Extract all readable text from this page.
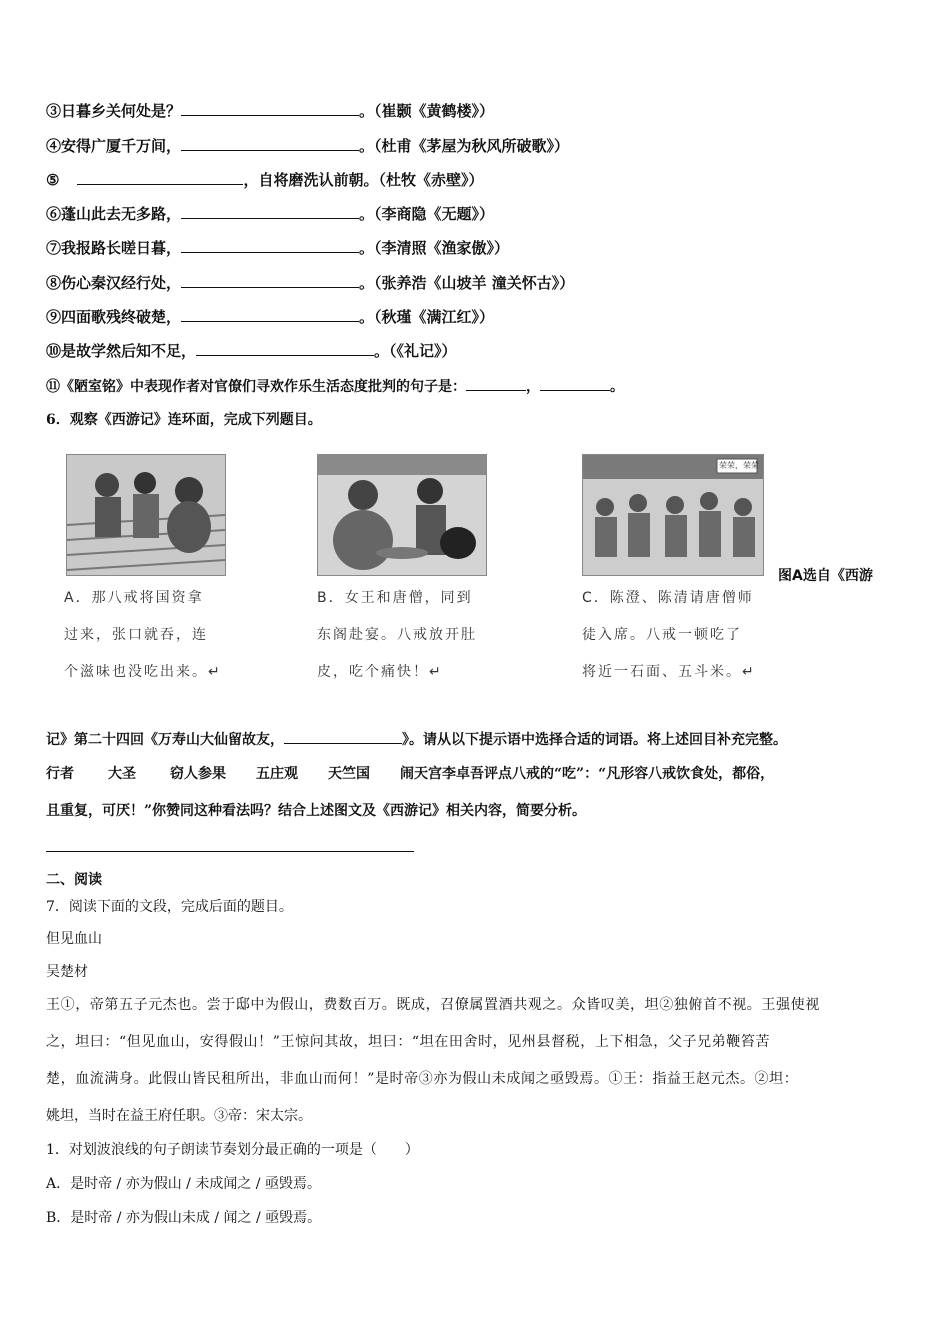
③日暮乡关何处是？	。（崔颢《黄鹤楼》）
④安得广厦千万间，	。（杜甫《茅屋为秋风所破歌》）
⑤	，自将磨洗认前朝。（杜牧《赤壁》）
⑥蓬山此去无多路，	。（李商隐《无题》）
⑦我报路长嗟日暮，	。（李清照《渔家傲》）
⑧伤心秦汉经行处，	。（张养浩《山坡羊 潼关怀古》）
⑨四面歌残终破楚，	。（秋瑾《满江红》）
⑩是故学然后知不足，	。（《礼记》）
⑪《陋室铭》中表现作者对官僚们寻欢作乐生活态度批判的句子是：	，	。
6．观察《西游记》连环面，完成下列题目。
荣荣，荣荣
图A选自《西游
A．那八戒将国资拿
过来，张口就吞，连
个滋味也没吃出来。↵
B．女王和唐僧，同到
东阁赴宴。八戒放开肚
皮，吃个痛快！↵
C．陈澄、陈清请唐僧师
徒入席。八戒一顿吃了
将近一石面、五斗米。↵
记》第二十四回《万寿山大仙留故友，	》。请从以下提示语中选择合适的词语。将上述回目补充完整。
行者 大圣 窃人参果 五庄观 天竺国 闹天宫李卓吾评点八戒的“吃”：“凡形容八戒饮食处，都俗，
且重复，可厌！”你赞同这种看法吗？结合上述图文及《西游记》相关内容，简要分析。
二、阅读
7．阅读下面的文段，完成后面的题目。
但见血山
吴楚材
王①，帝第五子元杰也。尝于邸中为假山，费数百万。既成，召僚属置酒共观之。众皆叹美，坦②独俯首不视。王强使视
之，坦曰：“但见血山，安得假山！”王惊问其故，坦曰：“坦在田舍时，见州县督税，上下相急，父子兄弟鞭笞苦
楚，血流满身。此假山皆民租所出，非血山而何！”是时帝③亦为假山未成闻之亟毁焉。①王：指益王赵元杰。②坦：
姚坦，当时在益王府任职。③帝：宋太宗。
1．对划波浪线的句子朗读节奏划分最正确的一项是（　　）
A．是时帝 / 亦为假山 / 未成闻之 / 亟毁焉。
B．是时帝 / 亦为假山未成 / 闻之 / 亟毁焉。
